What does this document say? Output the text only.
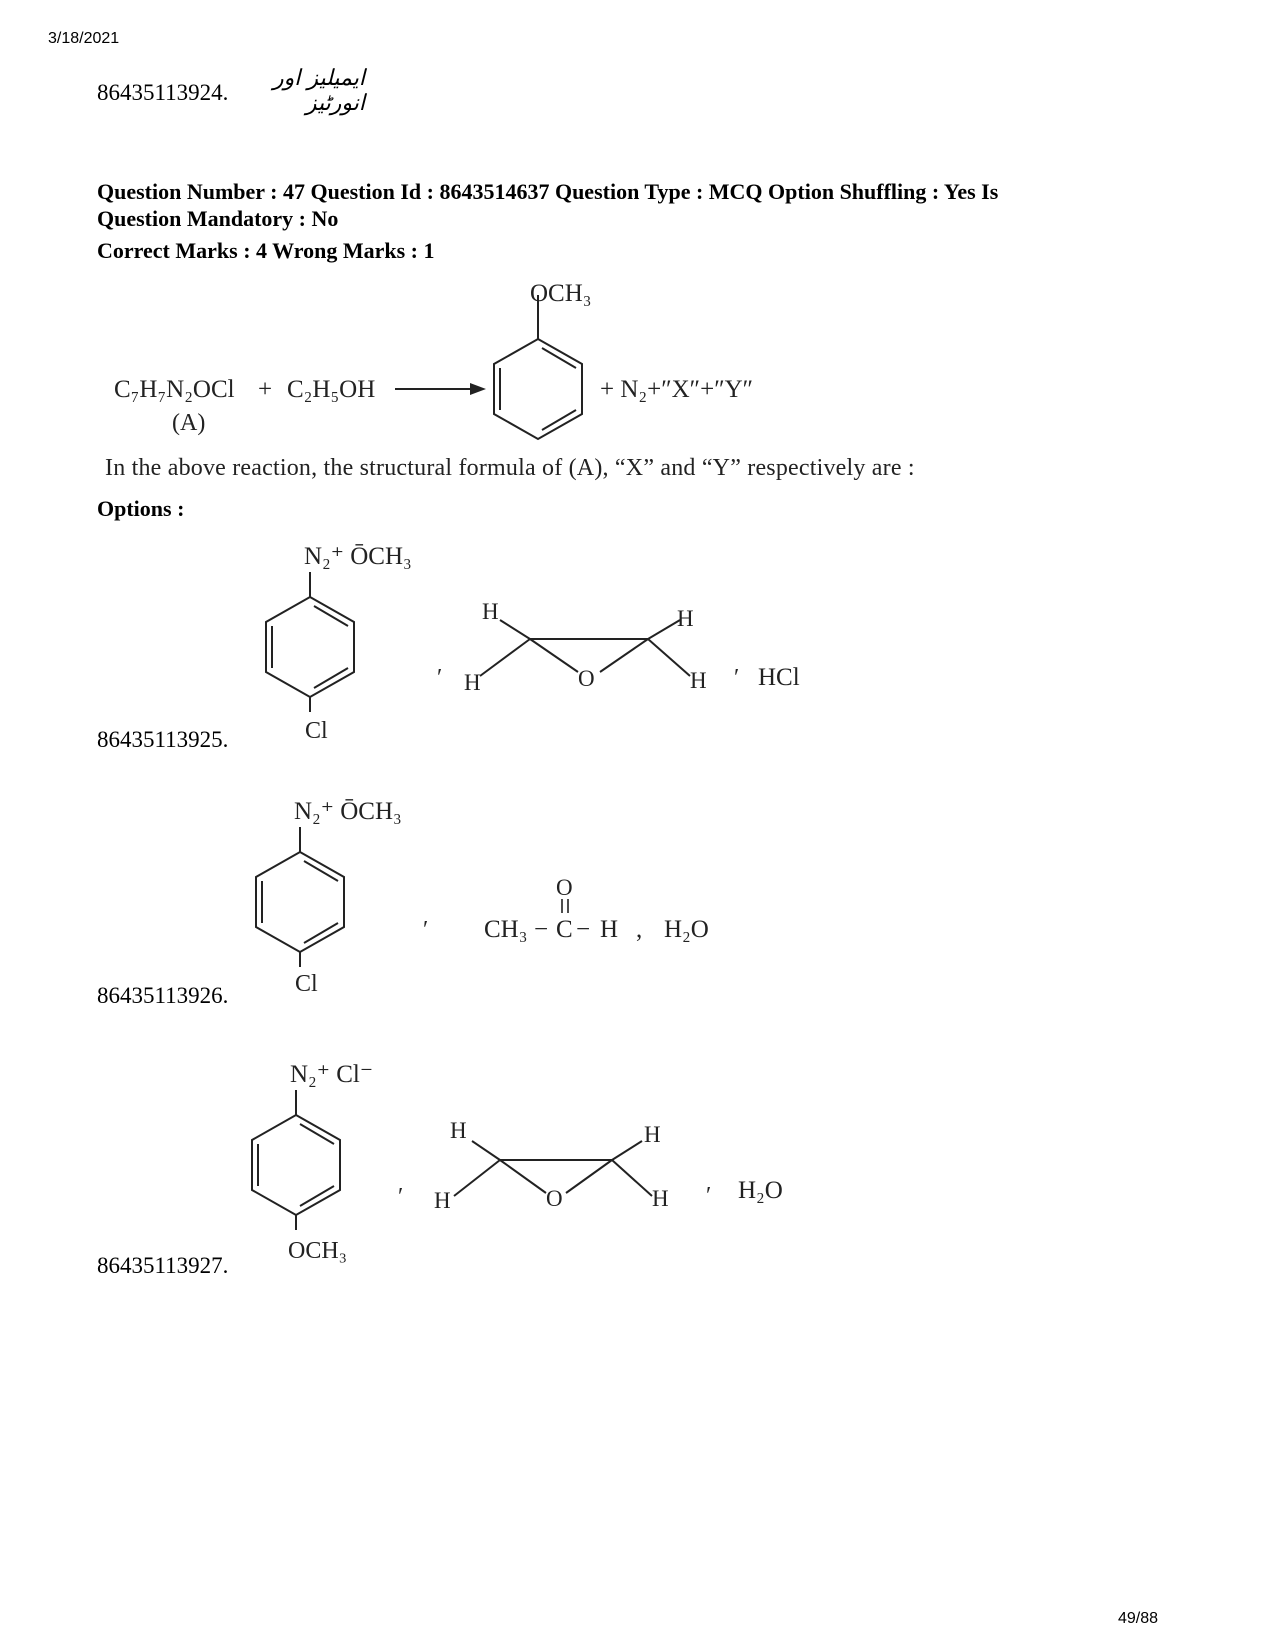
3/18/2021
86435113924.
ایمیلیز اور انورٹیز
Question Number : 47 Question Id : 8643514637 Question Type : MCQ Option Shuffling : Yes Is
Question Mandatory : No
Correct Marks : 4 Wrong Marks : 1
C₇H₇N₂OCl + C₂H₅OH
(A)
OCH₃
+ N₂+″X″+″Y″
In the above reaction, the structural formula of (A), “X” and “Y” respectively are :
Options :
86435113925.
N₂⁺ ŌCH₃
Cl
′
H	H
H	H
O	′ HCl
86435113926.
N₂⁺ ŌCH₃
Cl
′
O
CH₃ − C − H , H₂O
86435113927.
N₂⁺ Cl⁻
OCH₃
′
H	H
H	H
O	′ H₂O
49/88
